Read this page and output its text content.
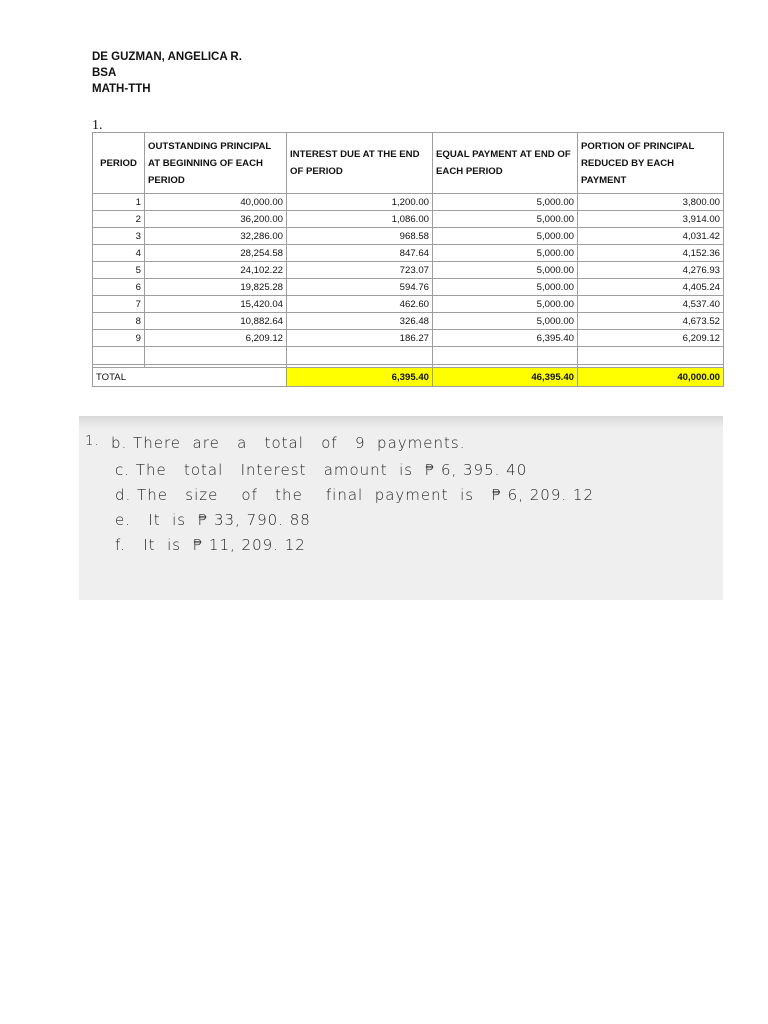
DE GUZMAN, ANGELICA R.
BSA
MATH-TTH
1.
PERIOD	OUTSTANDING PRINCIPAL AT BEGINNING OF EACH PERIOD	INTEREST DUE AT THE END OF PERIOD	EQUAL PAYMENT AT END OF EACH PERIOD	PORTION OF PRINCIPAL REDUCED BY EACH PAYMENT
1	40,000.00	1,200.00	5,000.00	3,800.00
2	36,200.00	1,086.00	5,000.00	3,914.00
3	32,286.00	968.58	5,000.00	4,031.42
4	28,254.58	847.64	5,000.00	4,152.36
5	24,102.22	723.07	5,000.00	4,276.93
6	19,825.28	594.76	5,000.00	4,405.24
7	15,420.04	462.60	5,000.00	4,537.40
8	10,882.64	326.48	5,000.00	4,673.52
9	6,209.12	186.27	6,395.40	6,209.12

TOTAL		6,395.40	46,395.40	40,000.00
1. b. There  are   a   total   of   9  payments.
c. The   total   Interest   amount  is  ₱ 6, 395. 40
d. The   size    of   the    final  payment  is   ₱ 6, 209. 12
e.   It  is  ₱ 33, 790. 88
f.   It  is  ₱ 11, 209. 12
